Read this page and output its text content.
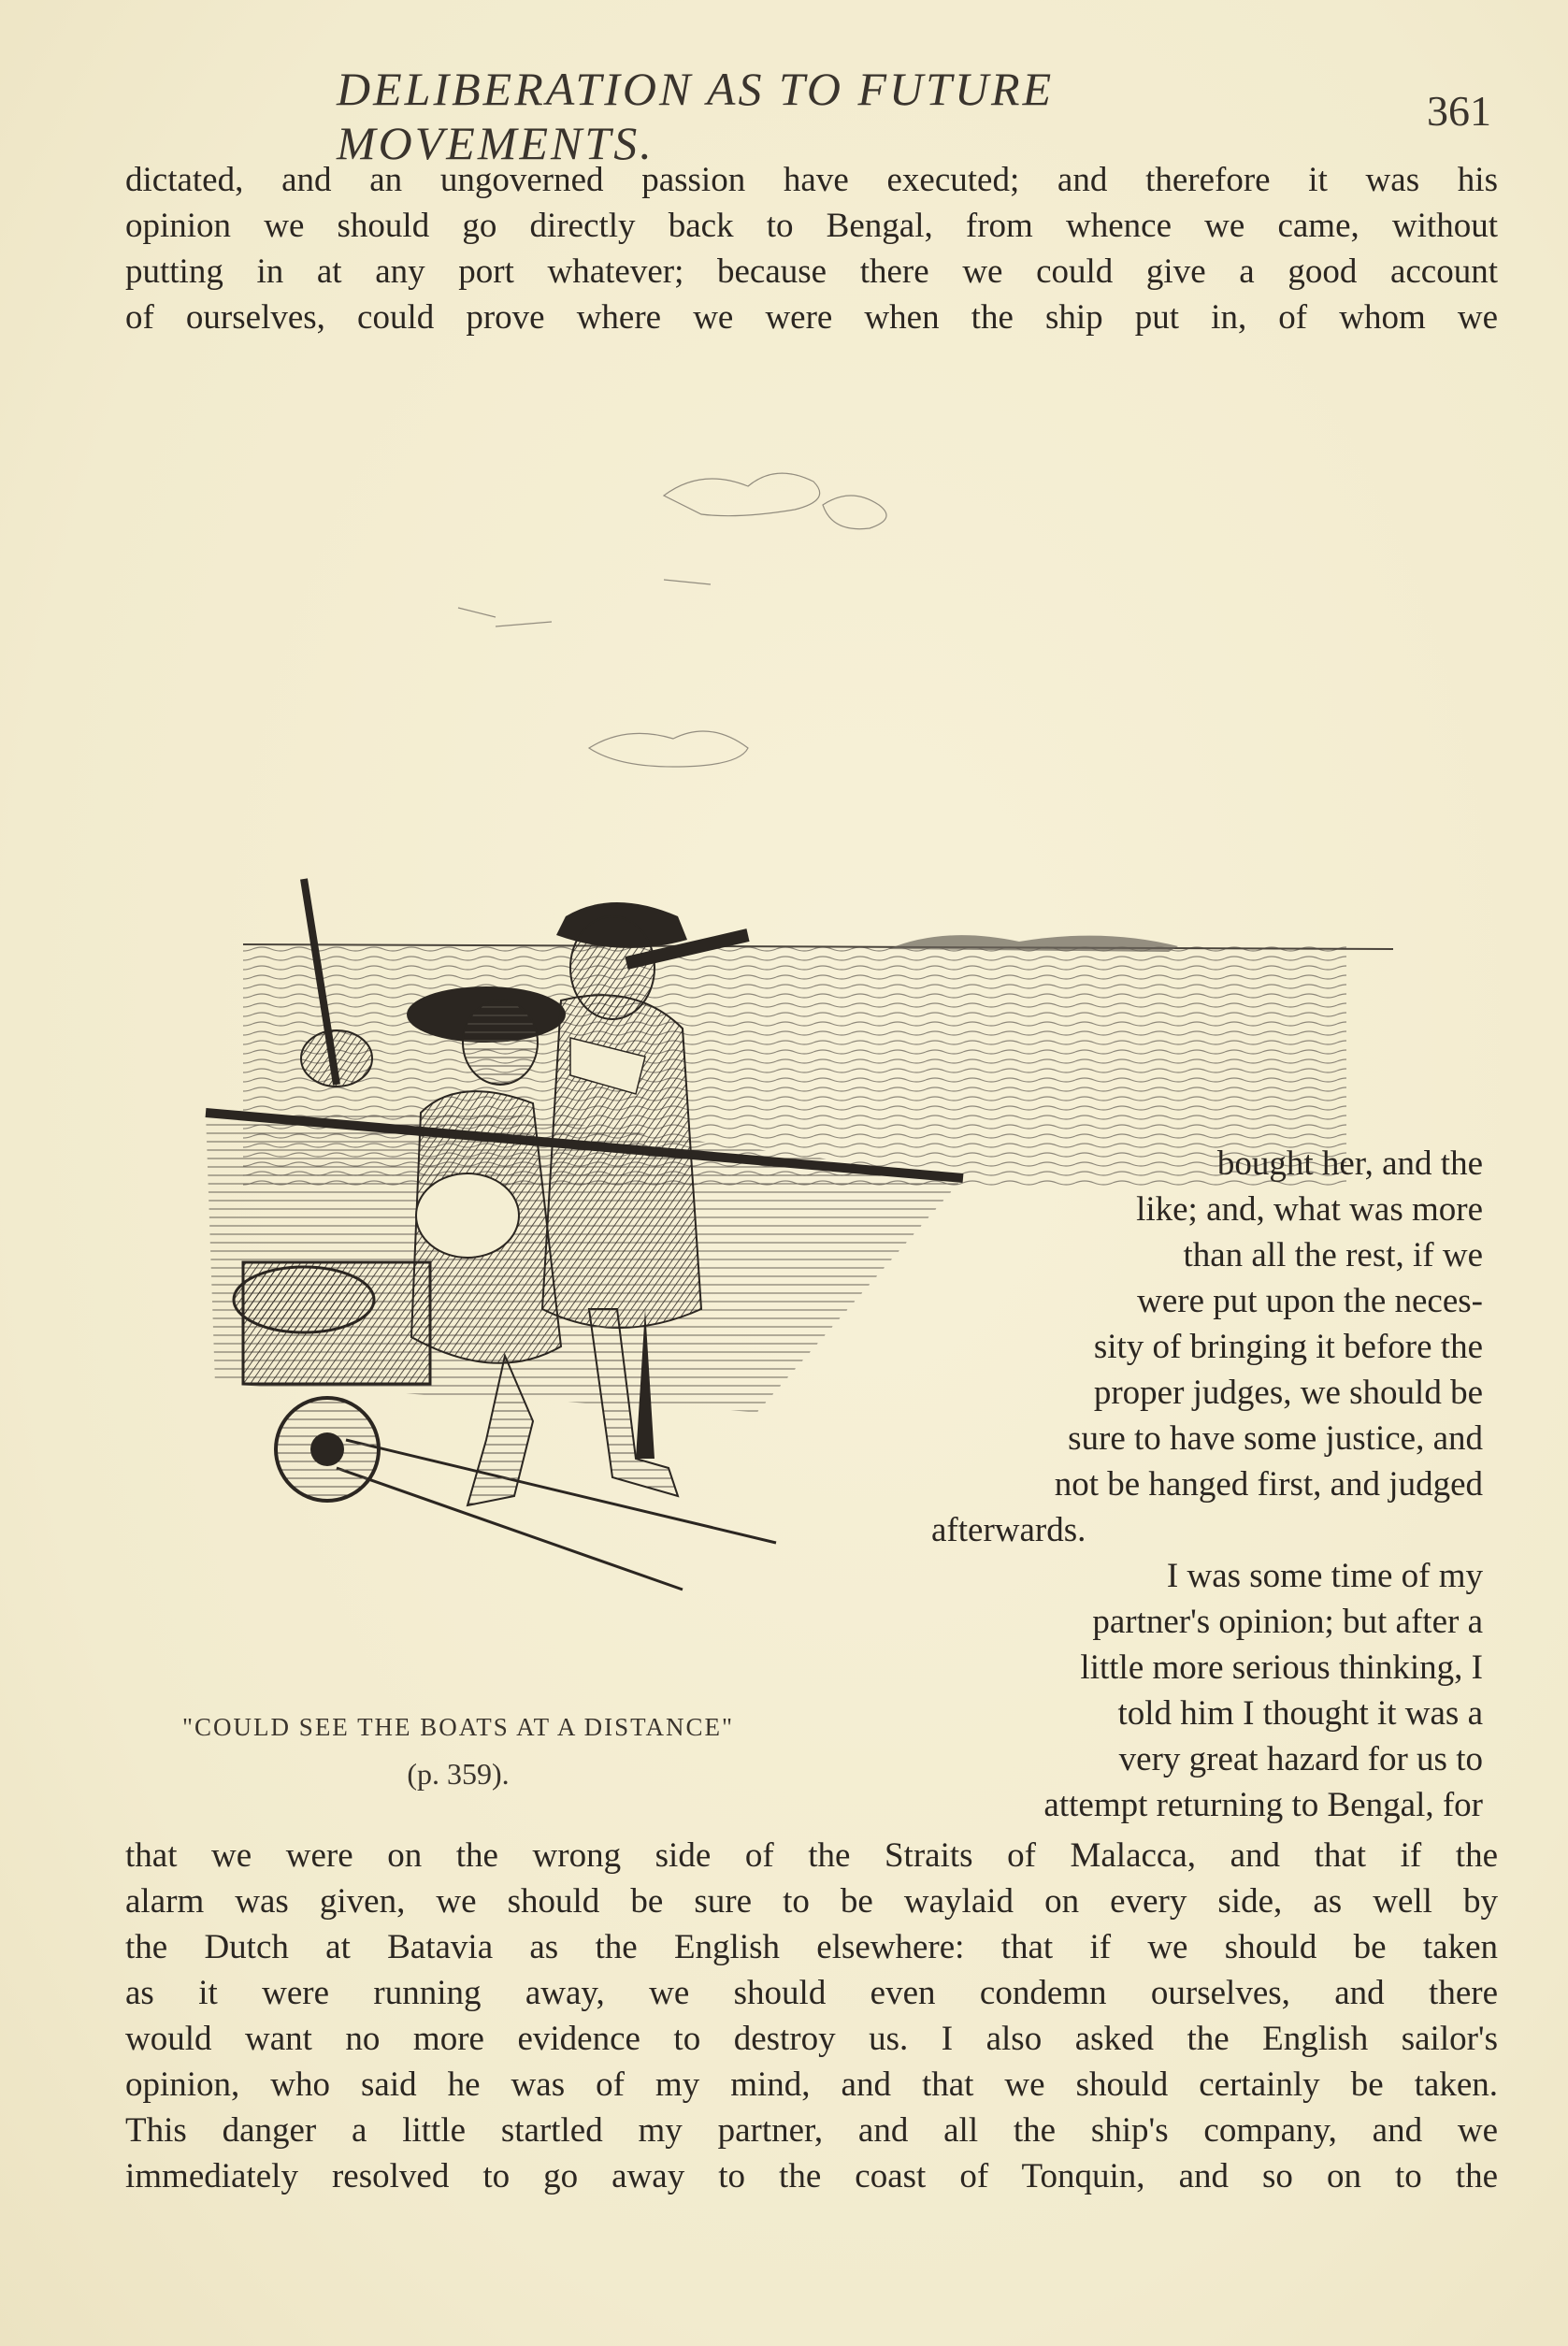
DELIBERATION AS TO FUTURE MOVEMENTS.
361
dictated, and an ungoverned passion have executed; and therefore it was his
opinion we should go directly back to Bengal, from whence we came, without
putting in at any port whatever; because there we could give a good account
of ourselves, could prove where we were when the ship put in, of whom we
"COULD SEE THE BOATS AT A DISTANCE"
(p. 359).
bought her, and the
like; and, what was more
than all the rest, if we
were put upon the neces-
sity of bringing it before the
proper judges, we should be
sure to have some justice, and
not be hanged first, and judged
afterwards.
I was some time of my
partner's opinion; but after a
little more serious thinking, I
told him I thought it was a
very great hazard for us to
attempt returning to Bengal, for
that we were on the wrong side of the Straits of Malacca, and that if the
alarm was given, we should be sure to be waylaid on every side, as well by
the Dutch at Batavia as the English elsewhere: that if we should be taken
as it were running away, we should even condemn ourselves, and there
would want no more evidence to destroy us. I also asked the English sailor's
opinion, who said he was of my mind, and that we should certainly be taken.
This danger a little startled my partner, and all the ship's company, and we
immediately resolved to go away to the coast of Tonquin, and so on to the
